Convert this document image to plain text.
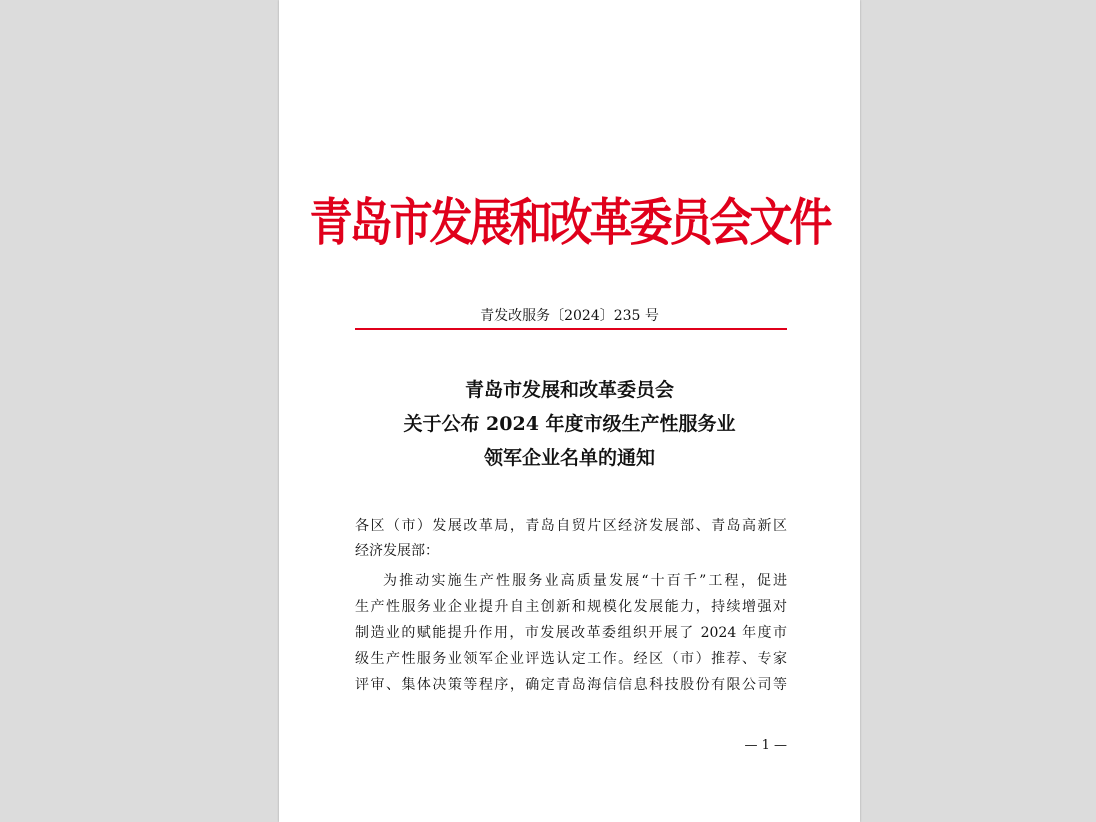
青岛市发展和改革委员会文件
青发改服务〔2024〕235 号
青岛市发展和改革委员会
关于公布 2024 年度市级生产性服务业
领军企业名单的通知
各区（市）发展改革局，青岛自贸片区经济发展部、青岛高新区
经济发展部：
为推动实施生产性服务业高质量发展“十百千”工程，促进
生产性服务业企业提升自主创新和规模化发展能力，持续增强对
制造业的赋能提升作用，市发展改革委组织开展了 2024 年度市
级生产性服务业领军企业评选认定工作。经区（市）推荐、专家
评审、集体决策等程序，确定青岛海信信息科技股份有限公司等
— 1 —
